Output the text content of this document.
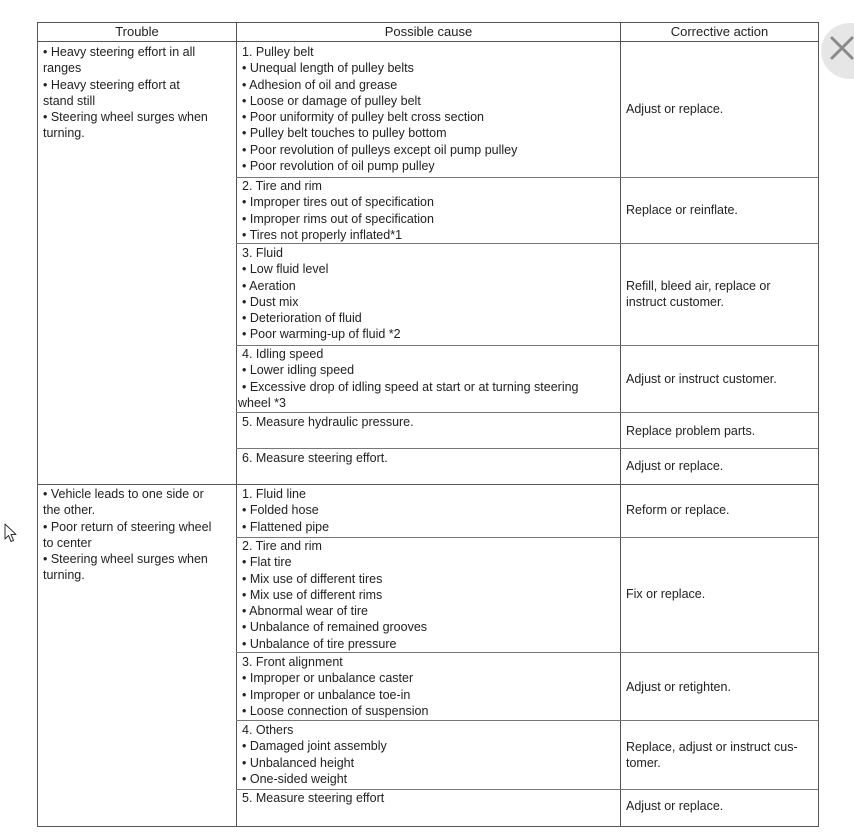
Trouble	Possible cause	Corrective action
• Heavy steering effort in all
ranges
• Heavy steering effort at
stand still
• Steering wheel surges when
turning.
• Vehicle leads to one side or
the other.
• Poor return of steering wheel
to center
• Steering wheel surges when
turning.
1. Pulley belt
• Unequal length of pulley belts
• Adhesion of oil and grease
• Loose or damage of pulley belt
• Poor uniformity of pulley belt cross section
• Pulley belt touches to pulley bottom
• Poor revolution of pulleys except oil pump pulley
• Poor revolution of oil pump pulley
2. Tire and rim
• Improper tires out of specification
• Improper rims out of specification
• Tires not properly inflated*1
3. Fluid
• Low fluid level
• Aeration
• Dust mix
• Deterioration of fluid
• Poor warming-up of fluid *2
4. Idling speed
• Lower idling speed
• Excessive drop of idling speed at start or at turning steering
wheel *3
5. Measure hydraulic pressure.
6. Measure steering effort.
1. Fluid line
• Folded hose
• Flattened pipe
2. Tire and rim
• Flat tire
• Mix use of different tires
• Mix use of different rims
• Abnormal wear of tire
• Unbalance of remained grooves
• Unbalance of tire pressure
3. Front alignment
• Improper or unbalance caster
• Improper or unbalance toe-in
• Loose connection of suspension
4. Others
• Damaged joint assembly
• Unbalanced height
• One-sided weight
5. Measure steering effort
Adjust or replace.
Replace or reinflate.
Refill, bleed air, replace or
instruct customer.
Adjust or instruct customer.
Replace problem parts.
Adjust or replace.
Reform or replace.
Fix or replace.
Adjust or retighten.
Replace, adjust or instruct cus-
tomer.
Adjust or replace.
